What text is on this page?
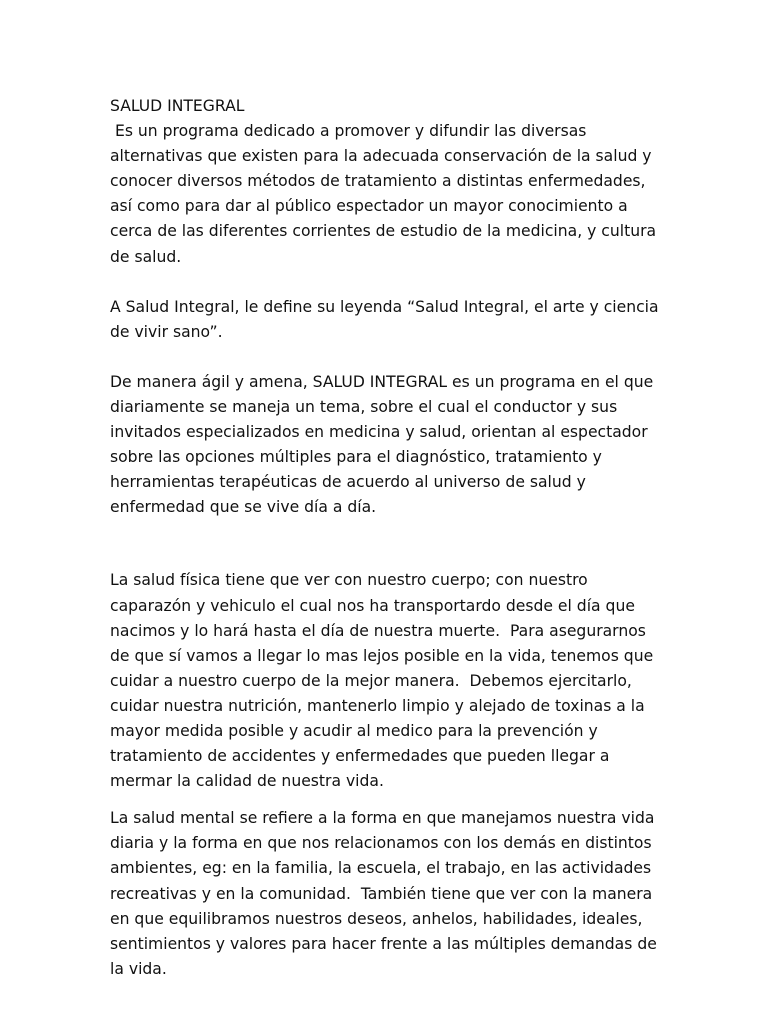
SALUD INTEGRAL

Es un programa dedicado a promover y difundir las diversas alternativas que existen para la adecuada conservación de la salud y conocer diversos métodos de tratamiento a distintas enfermedades, así como para dar al público espectador un mayor conocimiento a cerca de las diferentes corrientes de estudio de la medicina, y cultura de salud.

A Salud Integral, le define su leyenda “Salud Integral, el arte y ciencia de vivir sano”.

De manera ágil y amena, SALUD INTEGRAL es un programa en el que diariamente se maneja un tema, sobre el cual el conductor y sus invitados especializados en medicina y salud, orientan al espectador sobre las opciones múltiples para el diagnóstico, tratamiento y herramientas terapéuticas de acuerdo al universo de salud y enfermedad que se vive día a día.

La salud física tiene que ver con nuestro cuerpo; con nuestro caparazón y vehiculo el cual nos ha transportardo desde el día que nacimos y lo hará hasta el día de nuestra muerte.  Para asegurarnos de que sí vamos a llegar lo mas lejos posible en la vida, tenemos que cuidar a nuestro cuerpo de la mejor manera.  Debemos ejercitarlo, cuidar nuestra nutrición, mantenerlo limpio y alejado de toxinas a la mayor medida posible y acudir al medico para la prevención y tratamiento de accidentes y enfermedades que pueden llegar a mermar la calidad de nuestra vida.

La salud mental se refiere a la forma en que manejamos nuestra vida diaria y la forma en que nos relacionamos con los demás en distintos ambientes, eg: en la familia, la escuela, el trabajo, en las actividades recreativas y en la comunidad.  También tiene que ver con la manera en que equilibramos nuestros deseos, anhelos, habilidades, ideales, sentimientos y valores para hacer frente a las múltiples demandas de la vida.
